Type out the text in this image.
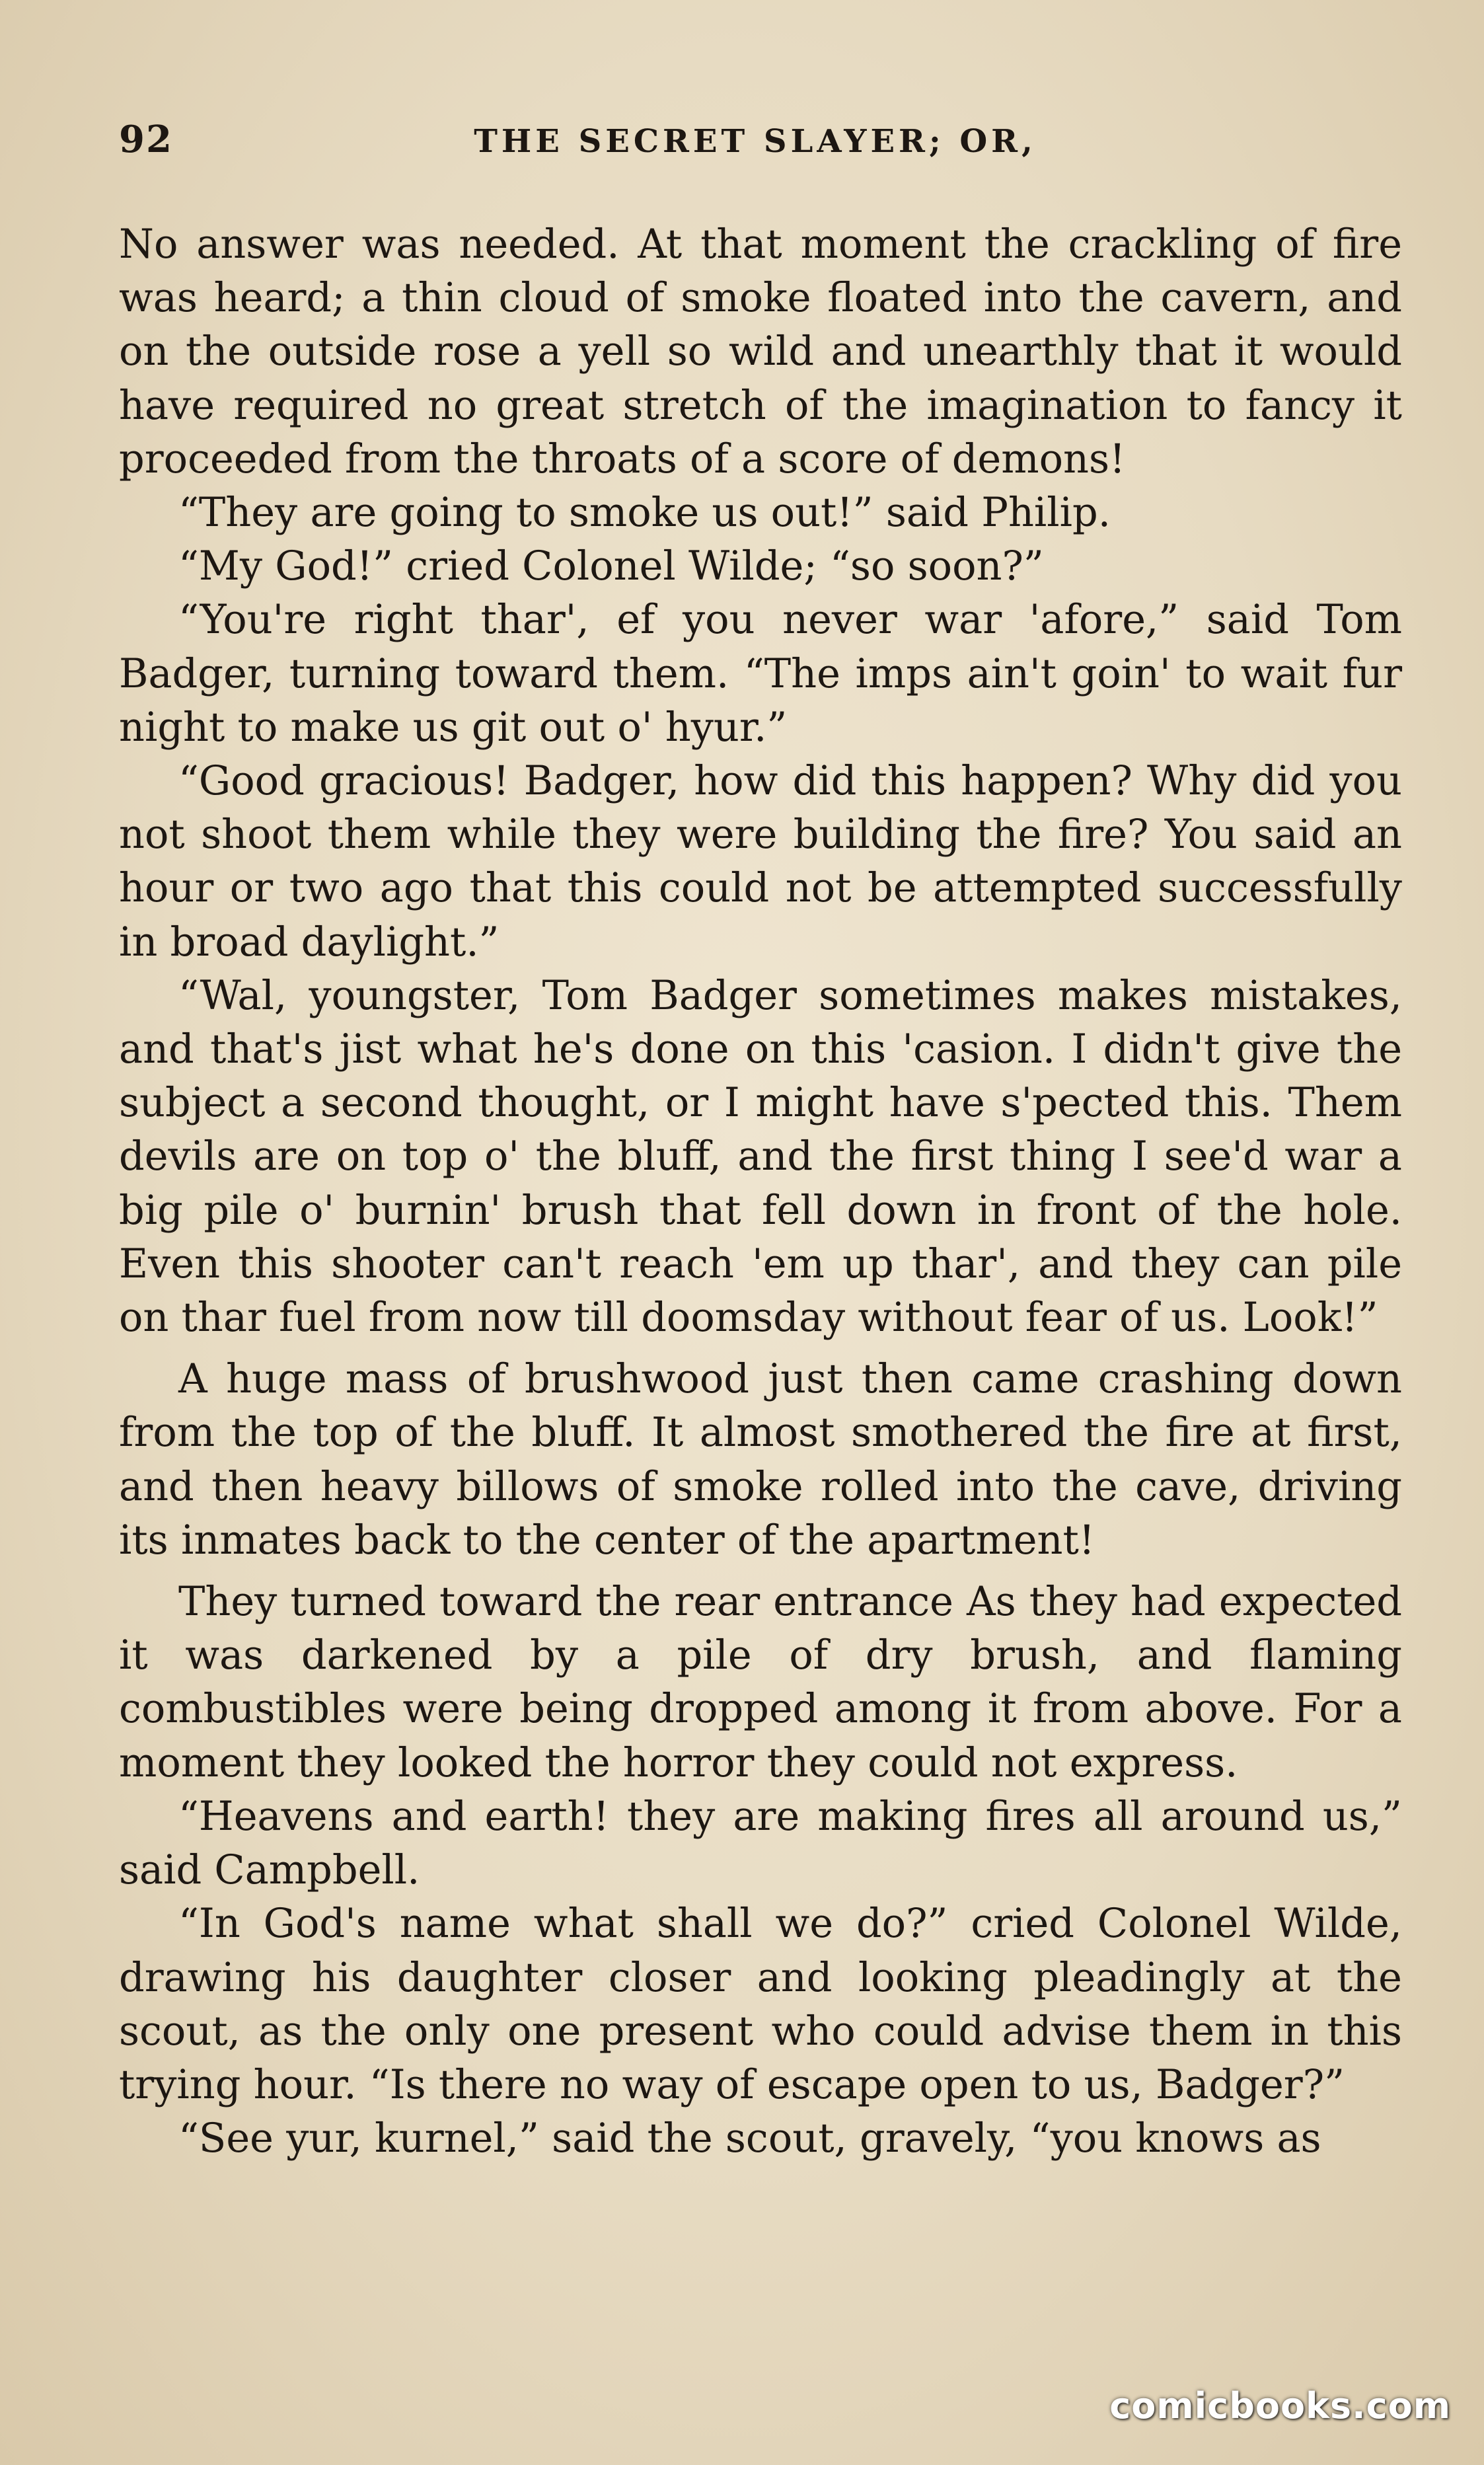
92	THE SECRET SLAYER; OR,

No answer was needed. At that moment the crackling of fire was heard; a thin cloud of smoke floated into the cavern, and on the outside rose a yell so wild and unearthly that it would have required no great stretch of the imagination to fancy it proceeded from the throats of a score of demons!

“They are going to smoke us out!” said Philip.

“My God!” cried Colonel Wilde; “so soon?”

“You're right thar', ef you never war 'afore,” said Tom Badger, turning toward them. “The imps ain't goin' to wait fur night to make us git out o' hyur.”

“Good gracious! Badger, how did this happen? Why did you not shoot them while they were building the fire? You said an hour or two ago that this could not be attempted successfully in broad daylight.”

“Wal, youngster, Tom Badger sometimes makes mistakes, and that's jist what he's done on this 'casion. I didn't give the subject a second thought, or I might have s'pected this. Them devils are on top o' the bluff, and the first thing I see'd war a big pile o' burnin' brush that fell down in front of the hole. Even this shooter can't reach 'em up thar', and they can pile on thar fuel from now till doomsday without fear of us. Look!”

A huge mass of brushwood just then came crashing down from the top of the bluff. It almost smothered the fire at first, and then heavy billows of smoke rolled into the cave, driving its inmates back to the center of the apartment!

They turned toward the rear entrance As they had expected it was darkened by a pile of dry brush, and flaming combustibles were being dropped among it from above. For a moment they looked the horror they could not express.

“Heavens and earth! they are making fires all around us,” said Campbell.

“In God's name what shall we do?” cried Colonel Wilde, drawing his daughter closer and looking pleadingly at the scout, as the only one present who could advise them in this trying hour. “Is there no way of escape open to us, Badger?”

“See yur, kurnel,” said the scout, gravely, “you knows as

comicbooks.com
